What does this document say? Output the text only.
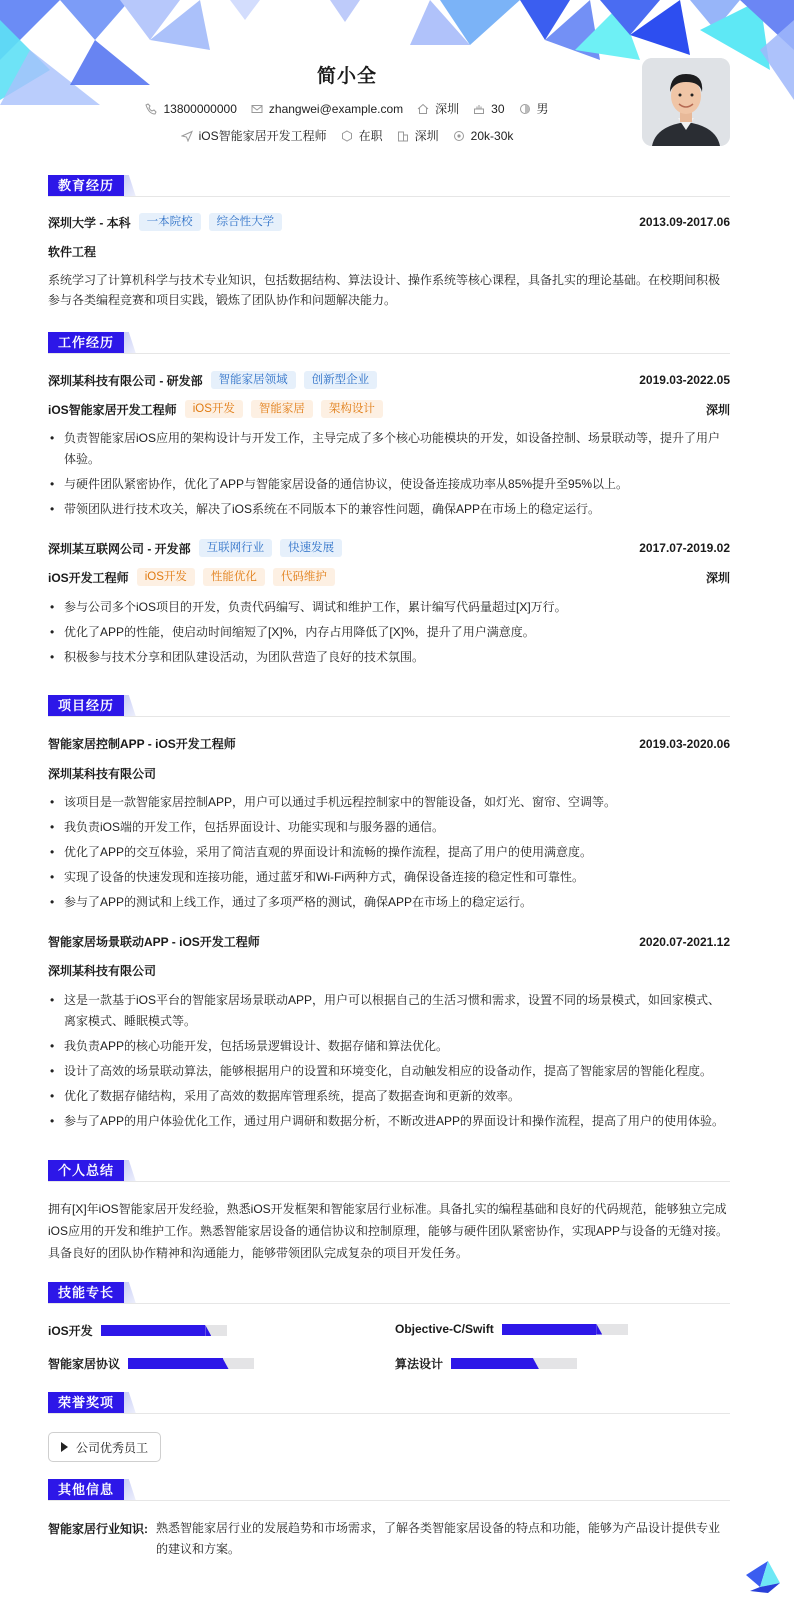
简小全
13800000000	zhangwei@example.com	深圳	30	男
iOS智能家居开发工程师	在职	深圳	20k-30k
教育经历
深圳大学 - 本科	一本院校	综合性大学	2013.09-2017.06
软件工程
系统学习了计算机科学与技术专业知识，包括数据结构、算法设计、操作系统等核心课程，具备扎实的理论基础。在校期间积极参与各类编程竞赛和项目实践，锻炼了团队协作和问题解决能力。
工作经历
深圳某科技有限公司 - 研发部	智能家居领域	创新型企业	2019.03-2022.05
iOS智能家居开发工程师	iOS开发	智能家居	架构设计	深圳
• 负责智能家居iOS应用的架构设计与开发工作，主导完成了多个核心功能模块的开发，如设备控制、场景联动等，提升了用户体验。
• 与硬件团队紧密协作，优化了APP与智能家居设备的通信协议，使设备连接成功率从85%提升至95%以上。
• 带领团队进行技术攻关，解决了iOS系统在不同版本下的兼容性问题，确保APP在市场上的稳定运行。
深圳某互联网公司 - 开发部	互联网行业	快速发展	2017.07-2019.02
iOS开发工程师	iOS开发	性能优化	代码维护	深圳
• 参与公司多个iOS项目的开发，负责代码编写、调试和维护工作，累计编写代码量超过[X]万行。
• 优化了APP的性能，使启动时间缩短了[X]%，内存占用降低了[X]%，提升了用户满意度。
• 积极参与技术分享和团队建设活动，为团队营造了良好的技术氛围。
项目经历
智能家居控制APP - iOS开发工程师	2019.03-2020.06
深圳某科技有限公司
• 该项目是一款智能家居控制APP，用户可以通过手机远程控制家中的智能设备，如灯光、窗帘、空调等。
• 我负责iOS端的开发工作，包括界面设计、功能实现和与服务器的通信。
• 优化了APP的交互体验，采用了简洁直观的界面设计和流畅的操作流程，提高了用户的使用满意度。
• 实现了设备的快速发现和连接功能，通过蓝牙和Wi-Fi两种方式，确保设备连接的稳定性和可靠性。
• 参与了APP的测试和上线工作，通过了多项严格的测试，确保APP在市场上的稳定运行。
智能家居场景联动APP - iOS开发工程师	2020.07-2021.12
深圳某科技有限公司
• 这是一款基于iOS平台的智能家居场景联动APP，用户可以根据自己的生活习惯和需求，设置不同的场景模式，如回家模式、离家模式、睡眠模式等。
• 我负责APP的核心功能开发，包括场景逻辑设计、数据存储和算法优化。
• 设计了高效的场景联动算法，能够根据用户的设置和环境变化，自动触发相应的设备动作，提高了智能家居的智能化程度。
• 优化了数据存储结构，采用了高效的数据库管理系统，提高了数据查询和更新的效率。
• 参与了APP的用户体验优化工作，通过用户调研和数据分析，不断改进APP的界面设计和操作流程，提高了用户的使用体验。
个人总结
拥有[X]年iOS智能家居开发经验，熟悉iOS开发框架和智能家居行业标准。具备扎实的编程基础和良好的代码规范，能够独立完成iOS应用的开发和维护工作。熟悉智能家居设备的通信协议和控制原理，能够与硬件团队紧密协作，实现APP与设备的无缝对接。具备良好的团队协作精神和沟通能力，能够带领团队完成复杂的项目开发任务。
技能专长
iOS开发	Objective-C/Swift
智能家居协议	算法设计
荣誉奖项
公司优秀员工
其他信息
智能家居行业知识: 熟悉智能家居行业的发展趋势和市场需求，了解各类智能家居设备的特点和功能，能够为产品设计提供专业的建议和方案。
